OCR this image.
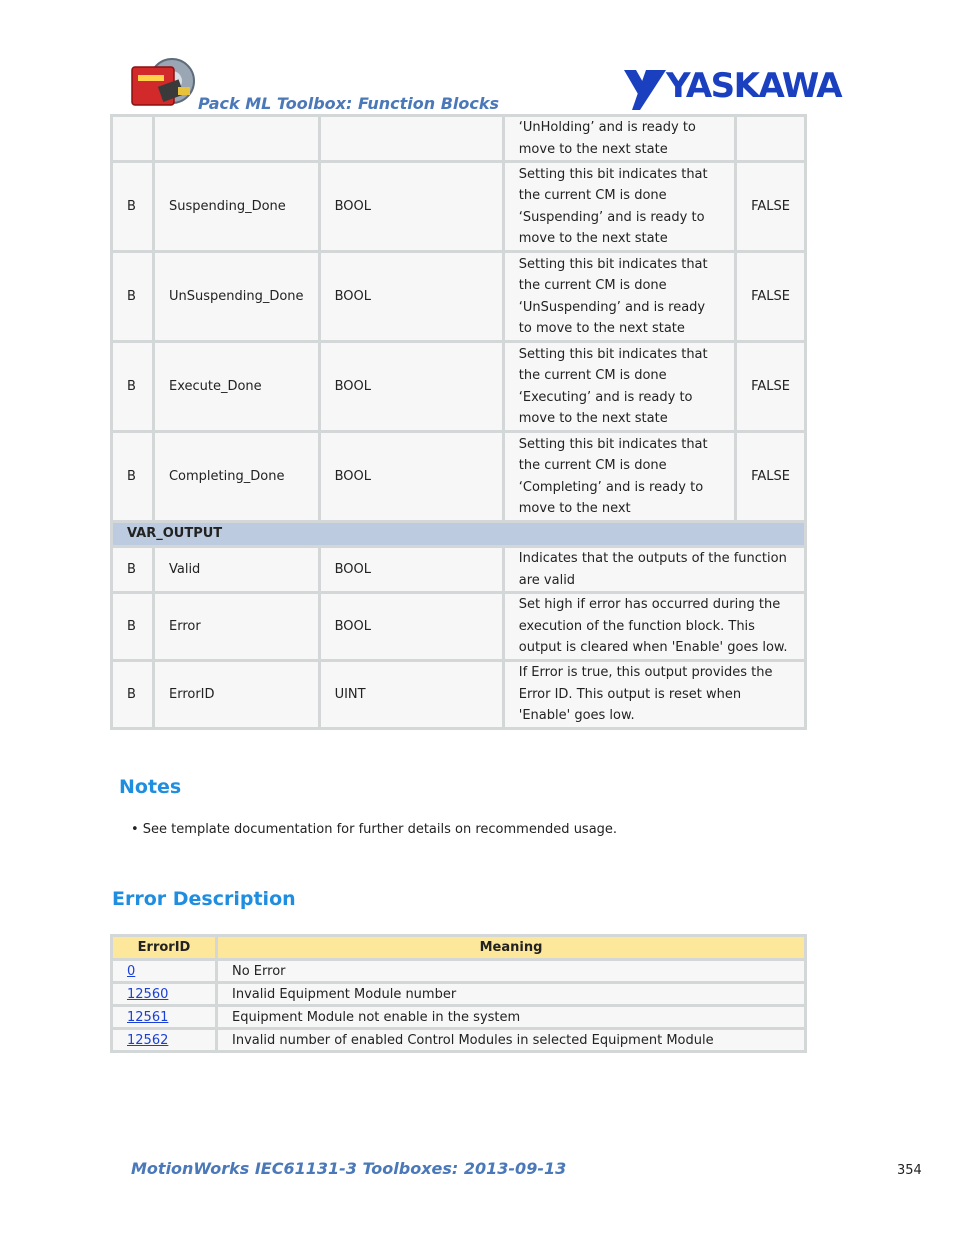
Pack ML Toolbox: Function Blocks	YASKAWA
			‘UnHolding’ and is ready to move to the next state	
B	Suspending_Done	BOOL	Setting this bit indicates that the current CM is done ‘Suspending’ and is ready to move to the next state	FALSE
B	UnSuspending_Done	BOOL	Setting this bit indicates that the current CM is done ‘UnSuspending’ and is ready to move to the next state	FALSE
B	Execute_Done	BOOL	Setting this bit indicates that the current CM is done ‘Executing’ and is ready to move to the next state	FALSE
B	Completing_Done	BOOL	Setting this bit indicates that the current CM is done ‘Completing’ and is ready to move to the next	FALSE
VAR_OUTPUT				
B	Valid	BOOL	Indicates that the outputs of the function are valid	
B	Error	BOOL	Set high if error has occurred during the execution of the function block. This output is cleared when 'Enable' goes low.	
B	ErrorID	UINT	If Error is true, this output provides the Error ID. This output is reset when 'Enable' goes low.	
Notes
• See template documentation for further details on recommended usage.
Error Description
ErrorID	Meaning
0	No Error
12560	Invalid Equipment Module number
12561	Equipment Module not enable in the system
12562	Invalid number of enabled Control Modules in selected Equipment Module
MotionWorks IEC61131-3 Toolboxes: 2013-09-13	354
